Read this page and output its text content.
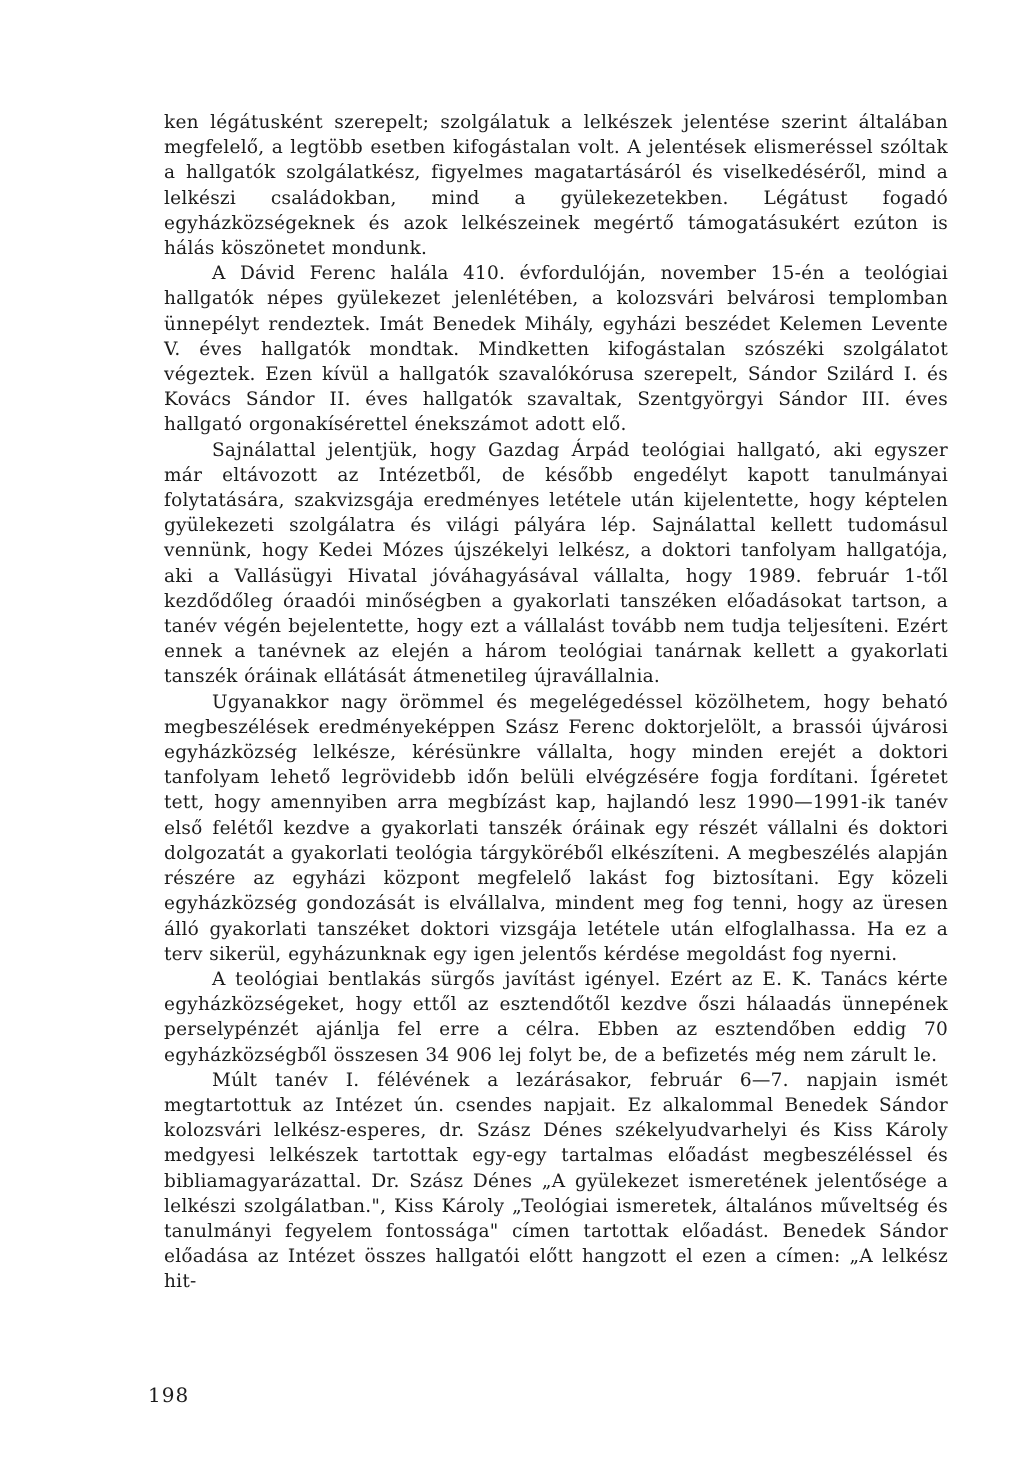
ken légátusként szerepelt; szolgálatuk a lelkészek jelentése szerint általában megfelelő, a legtöbb esetben kifogástalan volt. A jelentések elismeréssel szóltak a hallgatók szolgálatkész, figyelmes magatartásáról és viselkedéséről, mind a lelkészi családokban, mind a gyülekezetekben. Légátust fogadó egyházközségeknek és azok lelkészeinek megértő támogatásukért ezúton is hálás köszönetet mondunk.

A Dávid Ferenc halála 410. évfordulóján, november 15-én a teológiai hallgatók népes gyülekezet jelenlétében, a kolozsvári belvárosi templomban ünnepélyt rendeztek. Imát Benedek Mihály, egyházi beszédet Kelemen Levente V. éves hallgatók mondtak. Mindketten kifogástalan szószéki szolgálatot végeztek. Ezen kívül a hallgatók szavalókórusa szerepelt, Sándor Szilárd I. és Kovács Sándor II. éves hallgatók szavaltak, Szentgyörgyi Sándor III. éves hallgató orgonakísérettel énekszámot adott elő.

Sajnálattal jelentjük, hogy Gazdag Árpád teológiai hallgató, aki egyszer már eltávozott az Intézetből, de később engedélyt kapott tanulmányai folytatására, szakvizsgája eredményes letétele után kijelentette, hogy képtelen gyülekezeti szolgálatra és világi pályára lép. Sajnálattal kellett tudomásul vennünk, hogy Kedei Mózes újszékelyi lelkész, a doktori tanfolyam hallgatója, aki a Vallásügyi Hivatal jóváhagyásával vállalta, hogy 1989. február 1-től kezdődőleg óraadói minőségben a gyakorlati tanszéken előadásokat tartson, a tanév végén bejelentette, hogy ezt a vállalást tovább nem tudja teljesíteni. Ezért ennek a tanévnek az elején a három teológiai tanárnak kellett a gyakorlati tanszék óráinak ellátását átmenetileg újravállalnia.

Ugyanakkor nagy örömmel és megelégedéssel közölhetem, hogy beható megbeszélések eredményeképpen Szász Ferenc doktorjelölt, a brassói újvárosi egyházközség lelkésze, kérésünkre vállalta, hogy minden erejét a doktori tanfolyam lehető legrövidebb időn belüli elvégzésére fogja fordítani. Ígéretet tett, hogy amennyiben arra megbízást kap, hajlandó lesz 1990—1991-ik tanév első felétől kezdve a gyakorlati tanszék óráinak egy részét vállalni és doktori dolgozatát a gyakorlati teológia tárgyköréből elkészíteni. A megbeszélés alapján részére az egyházi központ megfelelő lakást fog biztosítani. Egy közeli egyházközség gondozását is elvállalva, mindent meg fog tenni, hogy az üresen álló gyakorlati tanszéket doktori vizsgája letétele után elfoglalhassa. Ha ez a terv sikerül, egyházunknak egy igen jelentős kérdése megoldást fog nyerni.

A teológiai bentlakás sürgős javítást igényel. Ezért az E. K. Tanács kérte egyházközségeket, hogy ettől az esztendőtől kezdve őszi hálaadás ünnepének perselypénzét ajánlja fel erre a célra. Ebben az esztendőben eddig 70 egyházközségből összesen 34 906 lej folyt be, de a befizetés még nem zárult le.

Múlt tanév I. félévének a lezárásakor, február 6—7. napjain ismét megtartottuk az Intézet ún. csendes napjait. Ez alkalommal Benedek Sándor kolozsvári lelkész-esperes, dr. Szász Dénes székelyudvarhelyi és Kiss Károly medgyesi lelkészek tartottak egy-egy tartalmas előadást megbeszéléssel és bibliamagyarázattal. Dr. Szász Dénes „A gyülekezet ismeretének jelentősége a lelkészi szolgálatban.", Kiss Károly „Teológiai ismeretek, általános műveltség és tanulmányi fegyelem fontossága" címen tartottak előadást. Benedek Sándor előadása az Intézet összes hallgatói előtt hangzott el ezen a címen: „A lelkész hit-

198
